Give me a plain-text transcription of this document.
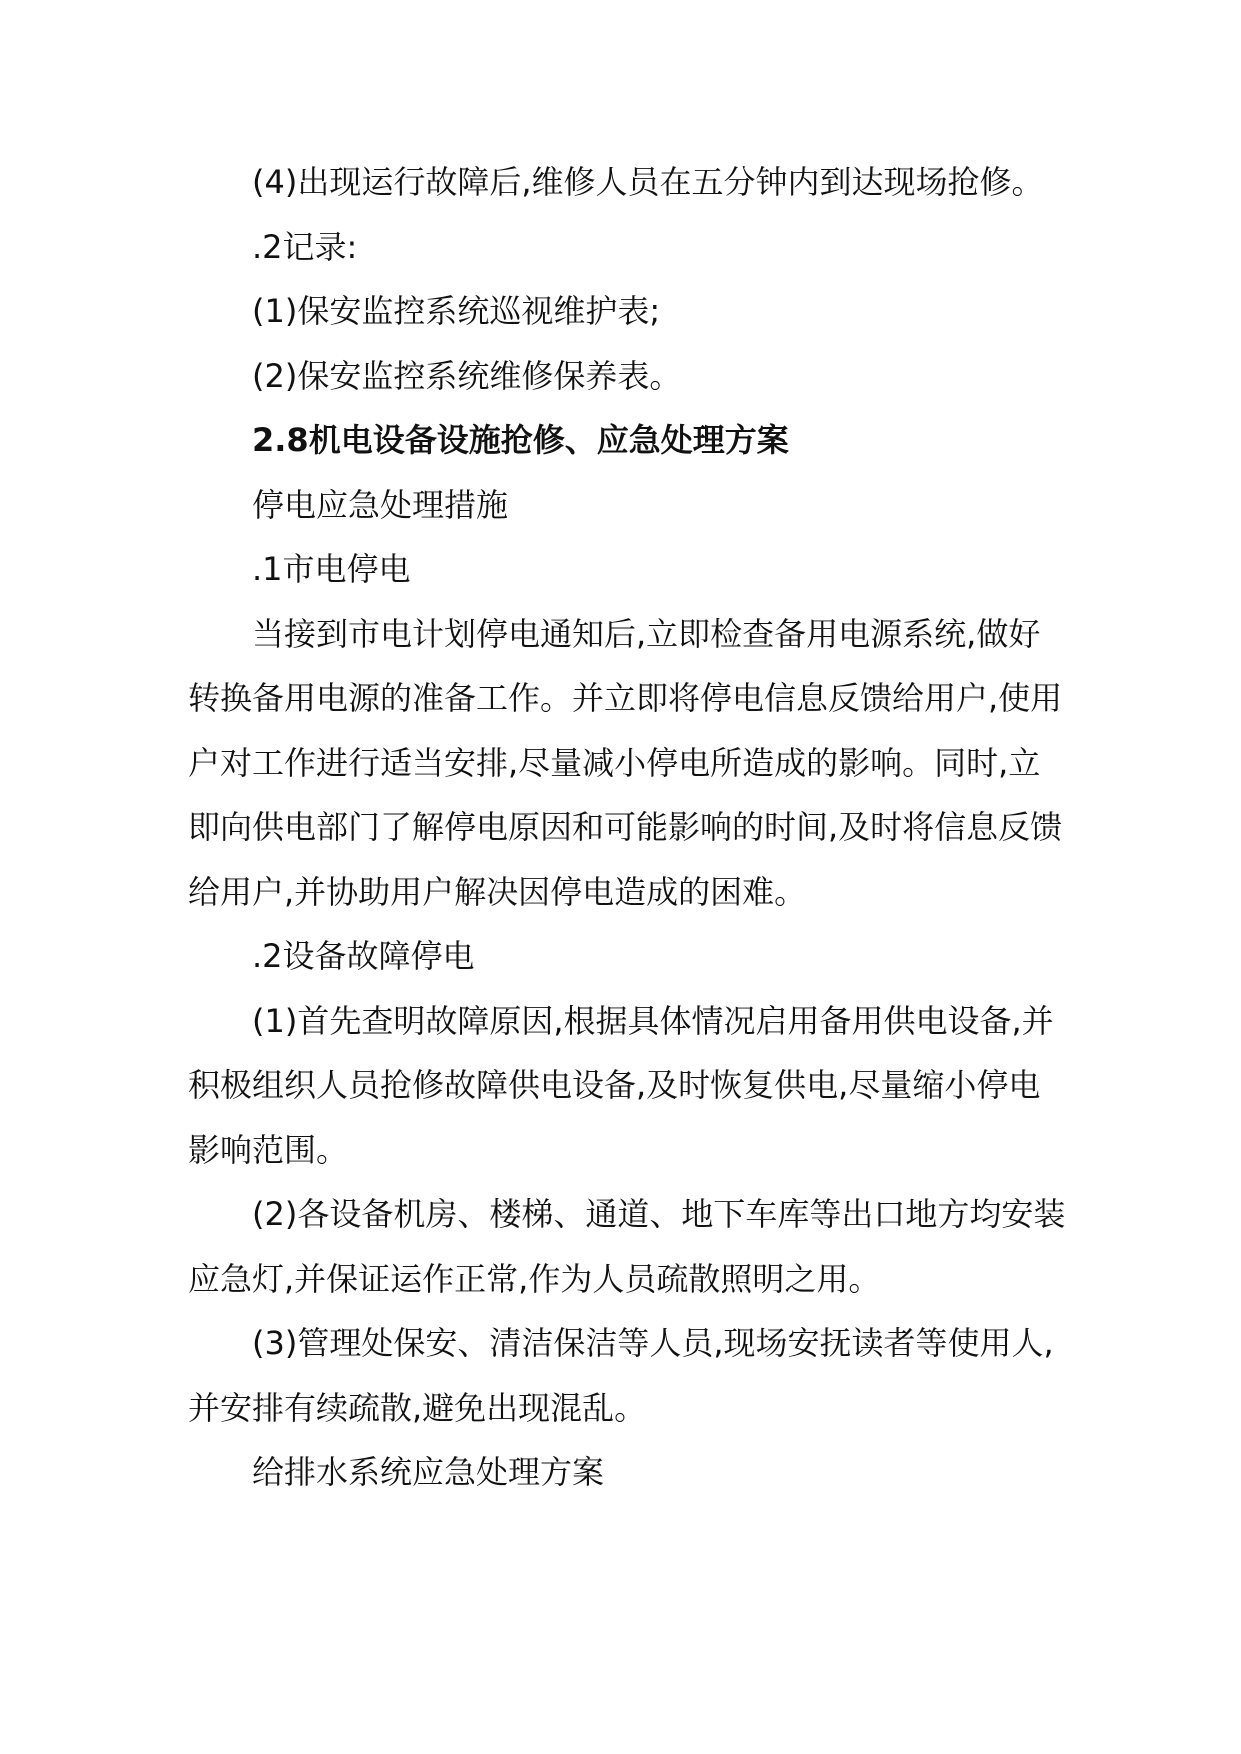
(4)出现运行故障后,维修人员在五分钟内到达现场抢修。

.2记录:

(1)保安监控系统巡视维护表;

(2)保安监控系统维修保养表。

2.8机电设备设施抢修、应急处理方案

停电应急处理措施

.1市电停电

当接到市电计划停电通知后,立即检查备用电源系统,做好转换备用电源的准备工作。并立即将停电信息反馈给用户,使用户对工作进行适当安排,尽量减小停电所造成的影响。同时,立即向供电部门了解停电原因和可能影响的时间,及时将信息反馈给用户,并协助用户解决因停电造成的困难。

.2设备故障停电

(1)首先查明故障原因,根据具体情况启用备用供电设备,并积极组织人员抢修故障供电设备,及时恢复供电,尽量缩小停电影响范围。

(2)各设备机房、楼梯、通道、地下车库等出口地方均安装应急灯,并保证运作正常,作为人员疏散照明之用。

(3)管理处保安、清洁保洁等人员,现场安抚读者等使用人,并安排有续疏散,避免出现混乱。

给排水系统应急处理方案
